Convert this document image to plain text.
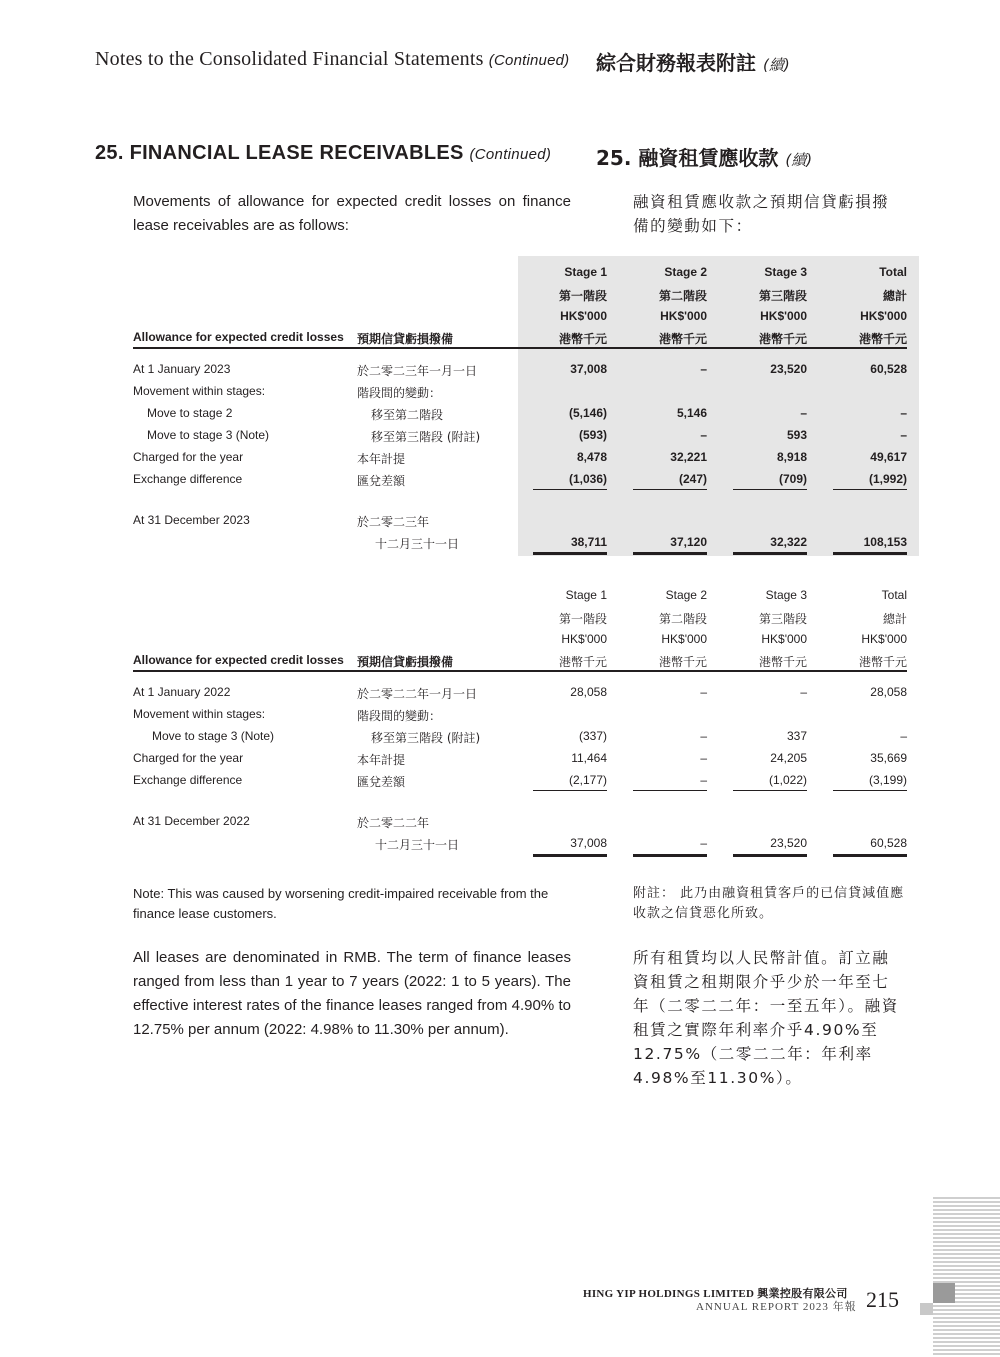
Notes to the Consolidated Financial Statements (Continued) 綜合財務報表附註 (續)
25. FINANCIAL LEASE RECEIVABLES (Continued) 25. 融資租賃應收款 (續)
Movements of allowance for expected credit losses on finance lease receivables are as follows:
融資租賃應收款之預期信貸虧損撥備的變動如下：
Stage 1	Stage 2	Stage 3	Total
第一階段	第二階段	第三階段	總計
HK$'000	HK$'000	HK$'000	HK$'000
港幣千元	港幣千元	港幣千元	港幣千元
Allowance for expected credit losses 預期信貸虧損撥備
At 1 January 2023	於二零二三年一月一日	37,008	–	23,520	60,528
Movement within stages:	階段間的變動：
Move to stage 2	移至第二階段	(5,146)	5,146	–	–
Move to stage 3 (Note)	移至第三階段 (附註)	(593)	–	593	–
Charged for the year	本年計提	8,478	32,221	8,918	49,617
Exchange difference	匯兌差額	(1,036)	(247)	(709)	(1,992)
At 31 December 2023	於二零二三年
十二月三十一日	38,711	37,120	32,322	108,153
Stage 1	Stage 2	Stage 3	Total
第一階段	第二階段	第三階段	總計
HK$'000	HK$'000	HK$'000	HK$'000
港幣千元	港幣千元	港幣千元	港幣千元
Allowance for expected credit losses 預期信貸虧損撥備
At 1 January 2022	於二零二二年一月一日	28,058	–	–	28,058
Movement within stages:	階段間的變動：
Move to stage 3 (Note)	移至第三階段 (附註)	(337)	–	337	–
Charged for the year	本年計提	11,464	–	24,205	35,669
Exchange difference	匯兌差額	(2,177)	–	(1,022)	(3,199)
At 31 December 2022	於二零二二年
十二月三十一日	37,008	–	23,520	60,528
Note: This was caused by worsening credit-impaired receivable from the finance lease customers.
附註： 此乃由融資租賃客戶的已信貸減值應收款之信貸惡化所致。
All leases are denominated in RMB. The term of finance leases ranged from less than 1 year to 7 years (2022: 1 to 5 years). The effective interest rates of the finance leases ranged from 4.90% to 12.75% per annum (2022: 4.98% to 11.30% per annum).
所有租賃均以人民幣計值。訂立融資租賃之租期限介乎少於一年至七年（二零二二年：一至五年）。融資租賃之實際年利率介乎4.90%至12.75%（二零二二年：年利率4.98%至11.30%）。
HING YIP HOLDINGS LIMITED 興業控股有限公司
ANNUAL REPORT 2023 年報 215
